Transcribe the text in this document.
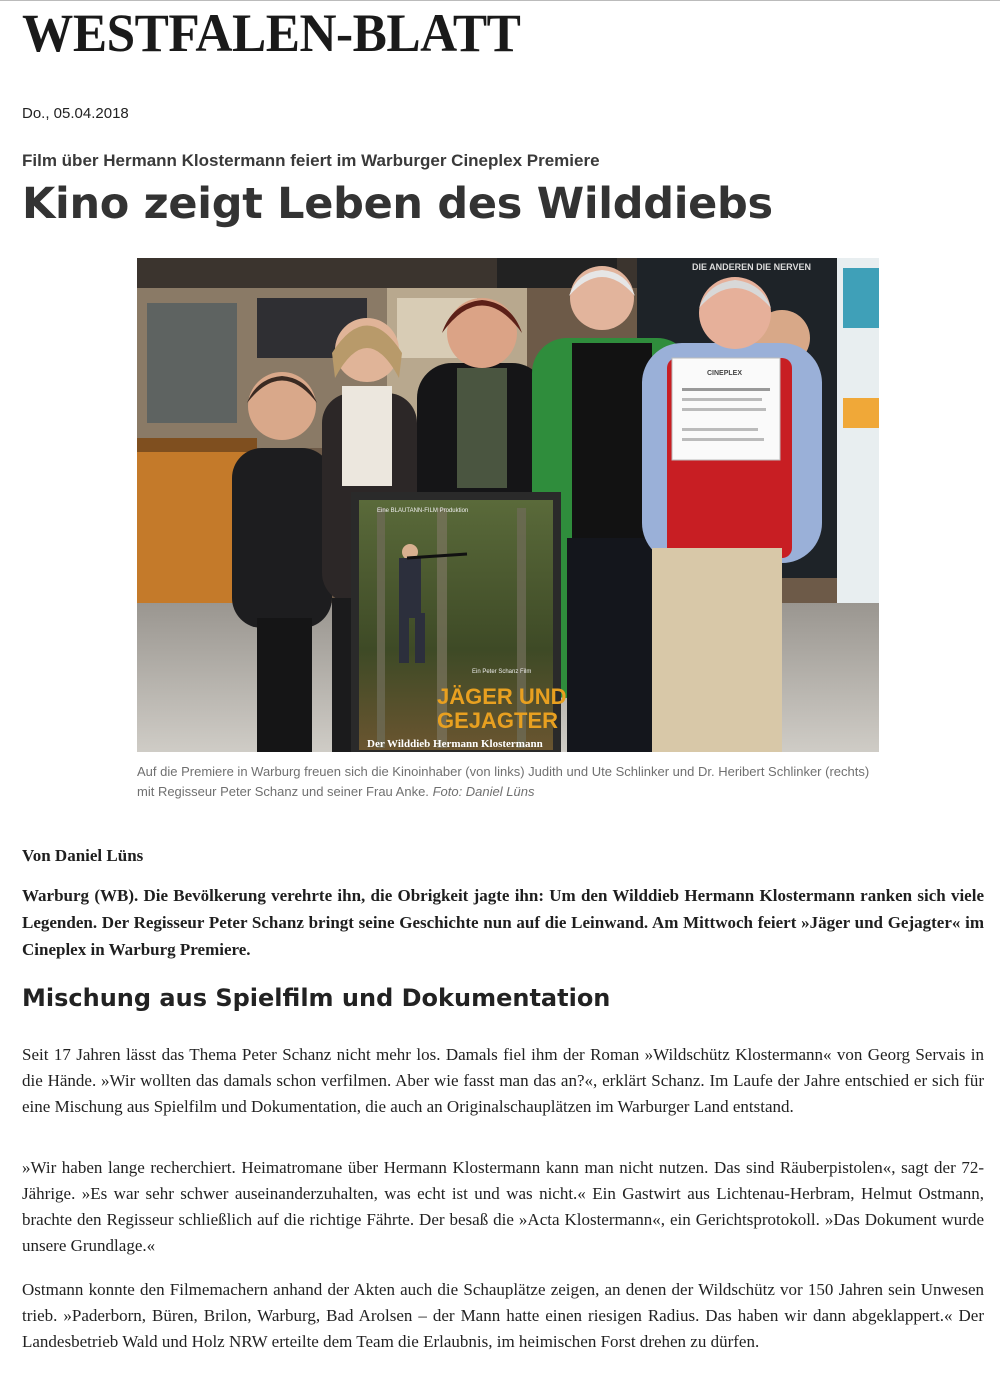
WESTFALEN-BLATT
Do., 05.04.2018
Film über Hermann Klostermann feiert im Warburger Cineplex Premiere
Kino zeigt Leben des Wilddiebs
DIE ANDEREN DIE NERVEN
CINEPLEX
Eine BLAUTANN-FILM Produktion
Ein Peter Schanz Film
JÄGER UND
GEJAGTER
Der Wilddieb Hermann Klostermann
Auf die Premiere in Warburg freuen sich die Kinoinhaber (von links) Judith und Ute Schlinker und Dr. Heribert Schlinker (rechts) mit Regisseur Peter Schanz und seiner Frau Anke. Foto: Daniel Lüns
Von Daniel Lüns
Warburg (WB). Die Bevölkerung verehrte ihn, die Obrigkeit jagte ihn: Um den Wilddieb Hermann Klostermann ranken sich viele Legenden. Der Regisseur Peter Schanz bringt seine Geschichte nun auf die Leinwand. Am Mittwoch feiert »Jäger und Gejagter« im Cineplex in Warburg Premiere.
Mischung aus Spielfilm und Dokumentation
Seit 17 Jahren lässt das Thema Peter Schanz nicht mehr los. Damals fiel ihm der Roman »Wildschütz Klostermann« von Georg Servais in die Hände. »Wir wollten das damals schon verfilmen. Aber wie fasst man das an?«, erklärt Schanz. Im Laufe der Jahre entschied er sich für eine Mischung aus Spielfilm und Dokumentation, die auch an Originalschauplätzen im Warburger Land entstand.
»Wir haben lange recherchiert. Heimatromane über Hermann Klostermann kann man nicht nutzen. Das sind Räuberpistolen«, sagt der 72-Jährige. »Es war sehr schwer auseinanderzuhalten, was echt ist und was nicht.« Ein Gastwirt aus Lichtenau-Herbram, Helmut Ostmann, brachte den Regisseur schließlich auf die richtige Fährte. Der besaß die »Acta Klostermann«, ein Gerichtsprotokoll. »Das Dokument wurde unsere Grundlage.«
Ostmann konnte den Filmemachern anhand der Akten auch die Schauplätze zeigen, an denen der Wildschütz vor 150 Jahren sein Unwesen trieb. »Paderborn, Büren, Brilon, Warburg, Bad Arolsen – der Mann hatte einen riesigen Radius. Das haben wir dann abgeklappert.« Der Landesbetrieb Wald und Holz NRW erteilte dem Team die Erlaubnis, im heimischen Forst drehen zu dürfen.
